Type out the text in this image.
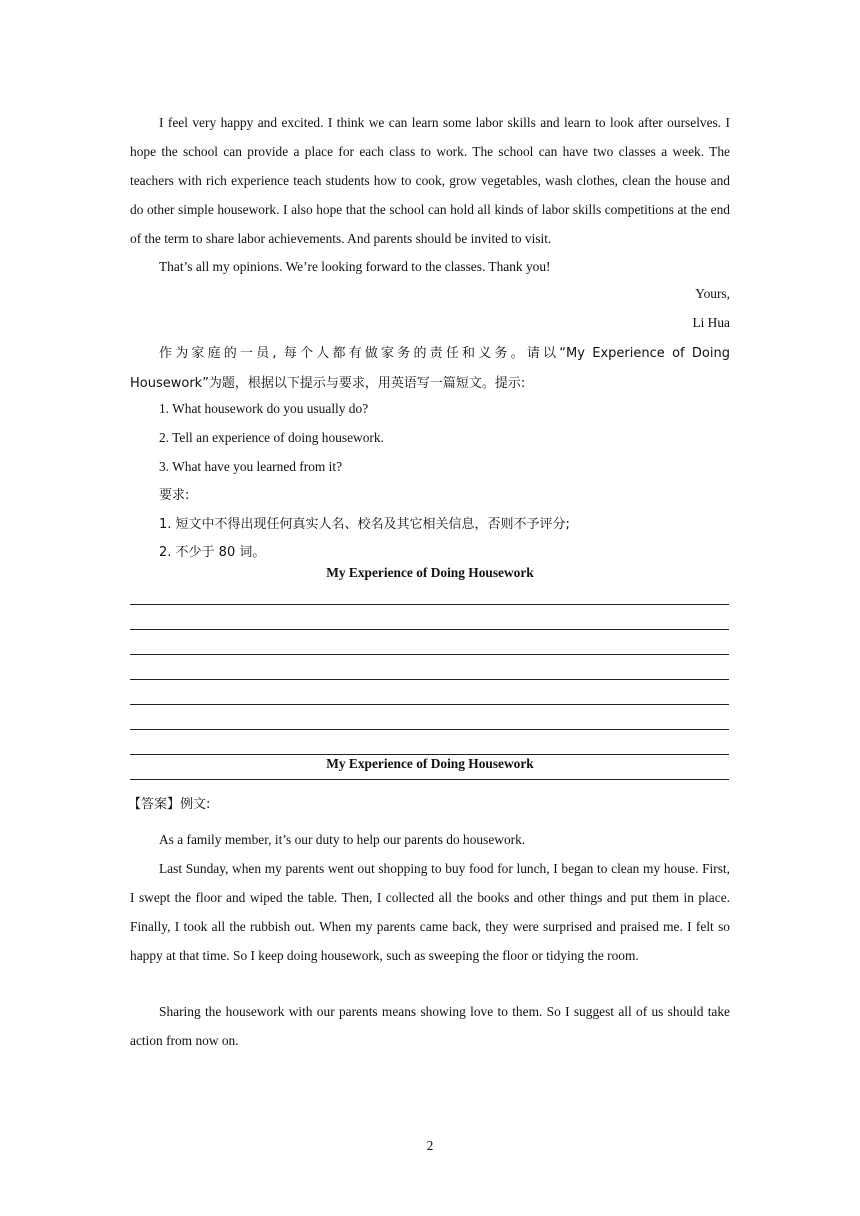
I feel very happy and excited. I think we can learn some labor skills and learn to look after ourselves. I hope the school can provide a place for each class to work. The school can have two classes a week. The teachers with rich experience teach students how to cook, grow vegetables, wash clothes, clean the house and do other simple housework. I also hope that the school can hold all kinds of labor skills competitions at the end of the term to share labor achievements. And parents should be invited to visit.

That’s all my opinions. We’re looking forward to the classes. Thank you!

Yours,

Li Hua

作为家庭的一员, 每个人都有做家务的责任和义务。请以“My Experience of Doing Housework”为题，根据以下提示与要求，用英语写一篇短文。提示:

1. What housework do you usually do?

2. Tell an experience of doing housework.

3. What have you learned from it?

要求:

1. 短文中不得出现任何真实人名、校名及其它相关信息，否则不予评分;

2. 不少于 80 词。

My Experience of Doing Housework

My Experience of Doing Housework

【答案】例文:

As a family member, it’s our duty to help our parents do housework.

Last Sunday, when my parents went out shopping to buy food for lunch, I began to clean my house. First, I swept the floor and wiped the table. Then, I collected all the books and other things and put them in place. Finally, I took all the rubbish out. When my parents came back, they were surprised and praised me. I felt so happy at that time. So I keep doing housework, such as sweeping the floor or tidying the room.

Sharing the housework with our parents means showing love to them. So I suggest all of us should take action from now on.

2
